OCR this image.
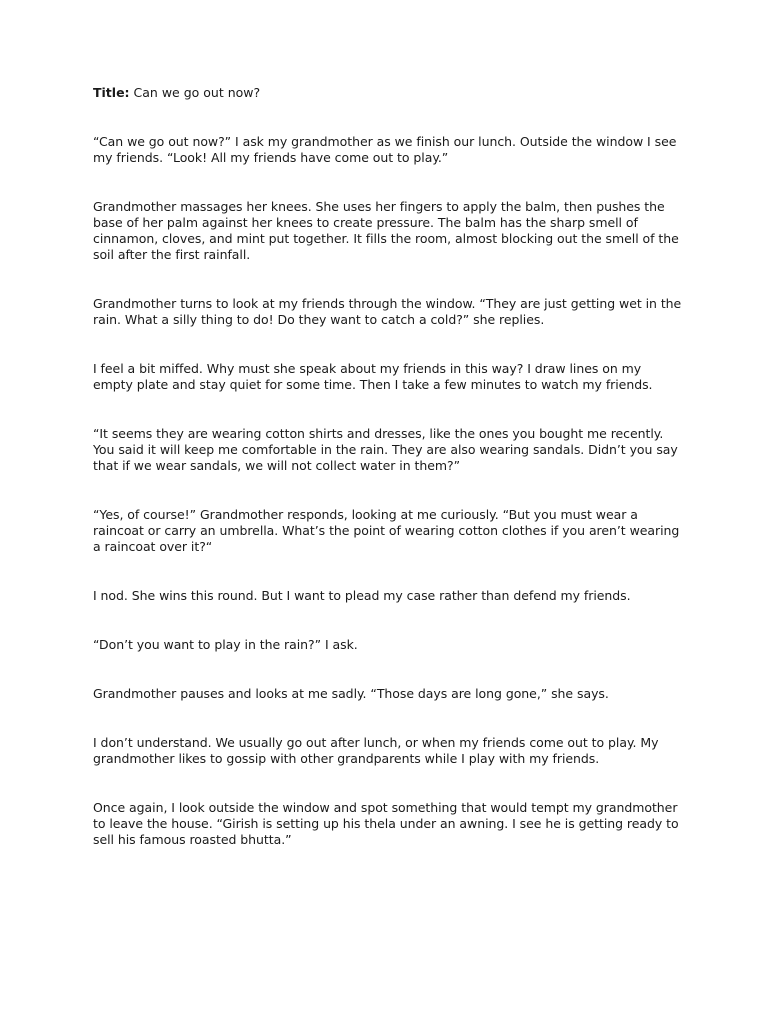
Title: Can we go out now?

“Can we go out now?” I ask my grandmother as we finish our lunch. Outside the window I see my friends. “Look! All my friends have come out to play.”

Grandmother massages her knees. She uses her fingers to apply the balm, then pushes the base of her palm against her knees to create pressure. The balm has the sharp smell of cinnamon, cloves, and mint put together. It fills the room, almost blocking out the smell of the soil after the first rainfall.

Grandmother turns to look at my friends through the window. “They are just getting wet in the rain. What a silly thing to do! Do they want to catch a cold?” she replies.

I feel a bit miffed. Why must she speak about my friends in this way? I draw lines on my empty plate and stay quiet for some time. Then I take a few minutes to watch my friends.

“It seems they are wearing cotton shirts and dresses, like the ones you bought me recently. You said it will keep me comfortable in the rain. They are also wearing sandals. Didn’t you say that if we wear sandals, we will not collect water in them?”

“Yes, of course!” Grandmother responds, looking at me curiously. “But you must wear a raincoat or carry an umbrella. What’s the point of wearing cotton clothes if you aren’t wearing a raincoat over it?“

I nod. She wins this round. But I want to plead my case rather than defend my friends.

“Don’t you want to play in the rain?” I ask.

Grandmother pauses and looks at me sadly. “Those days are long gone,” she says.

I don’t understand. We usually go out after lunch, or when my friends come out to play. My grandmother likes to gossip with other grandparents while I play with my friends.

Once again, I look outside the window and spot something that would tempt my grandmother to leave the house. “Girish is setting up his thela under an awning. I see he is getting ready to sell his famous roasted bhutta.”
